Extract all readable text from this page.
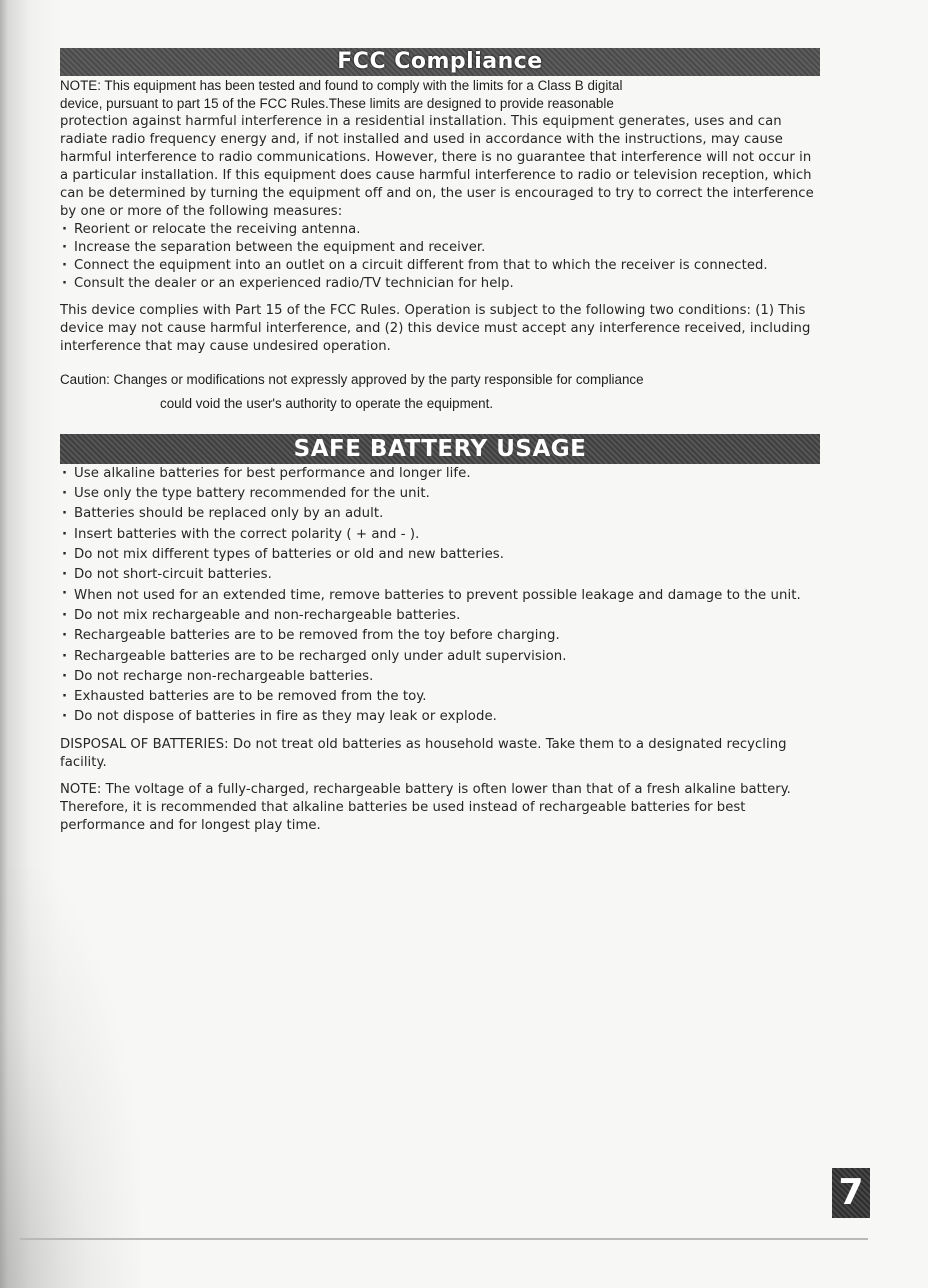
FCC Compliance

NOTE: This equipment has been tested and found to comply with the limits for a Class B digital

device, pursuant to part 15 of the FCC Rules.These limits are designed to provide reasonable

protection against harmful interference in a residential installation. This equipment generates, uses and can radiate radio frequency energy and, if not installed and used in accordance with the instructions, may cause harmful interference to radio communications. However, there is no guarantee that interference will not occur in a particular installation. If this equipment does cause harmful interference to radio or television reception, which can be determined by turning the equipment off and on, the user is encouraged to try to correct the interference by one or more of the following measures:

· Reorient or relocate the receiving antenna.
· Increase the separation between the equipment and receiver.
· Connect the equipment into an outlet on a circuit different from that to which the receiver is connected.
· Consult the dealer or an experienced radio/TV technician for help.

This device complies with Part 15 of the FCC Rules. Operation is subject to the following two conditions: (1) This device may not cause harmful interference, and (2) this device must accept any interference received, including interference that may cause undesired operation.

Caution: Changes or modifications not expressly approved by the party responsible for compliance
could void the user's authority to operate the equipment.
SAFE BATTERY USAGE
· Use alkaline batteries for best performance and longer life.
· Use only the type battery recommended for the unit.
· Batteries should be replaced only by an adult.
· Insert batteries with the correct polarity ( + and - ).
· Do not mix different types of batteries or old and new batteries.
· Do not short-circuit batteries.
· When not used for an extended time, remove batteries to prevent possible leakage and damage to the unit.
· Do not mix rechargeable and non-rechargeable batteries.
· Rechargeable batteries are to be removed from the toy before charging.
· Rechargeable batteries are to be recharged only under adult supervision.
· Do not recharge non-rechargeable batteries.
· Exhausted batteries are to be removed from the toy.
· Do not dispose of batteries in fire as they may leak or explode.

DISPOSAL OF BATTERIES: Do not treat old batteries as household waste. Take them to a designated recycling facility.

NOTE: The voltage of a fully-charged, rechargeable battery is often lower than that of a fresh alkaline battery. Therefore, it is recommended that alkaline batteries be used instead of rechargeable batteries for best performance and for longest play time.

7
